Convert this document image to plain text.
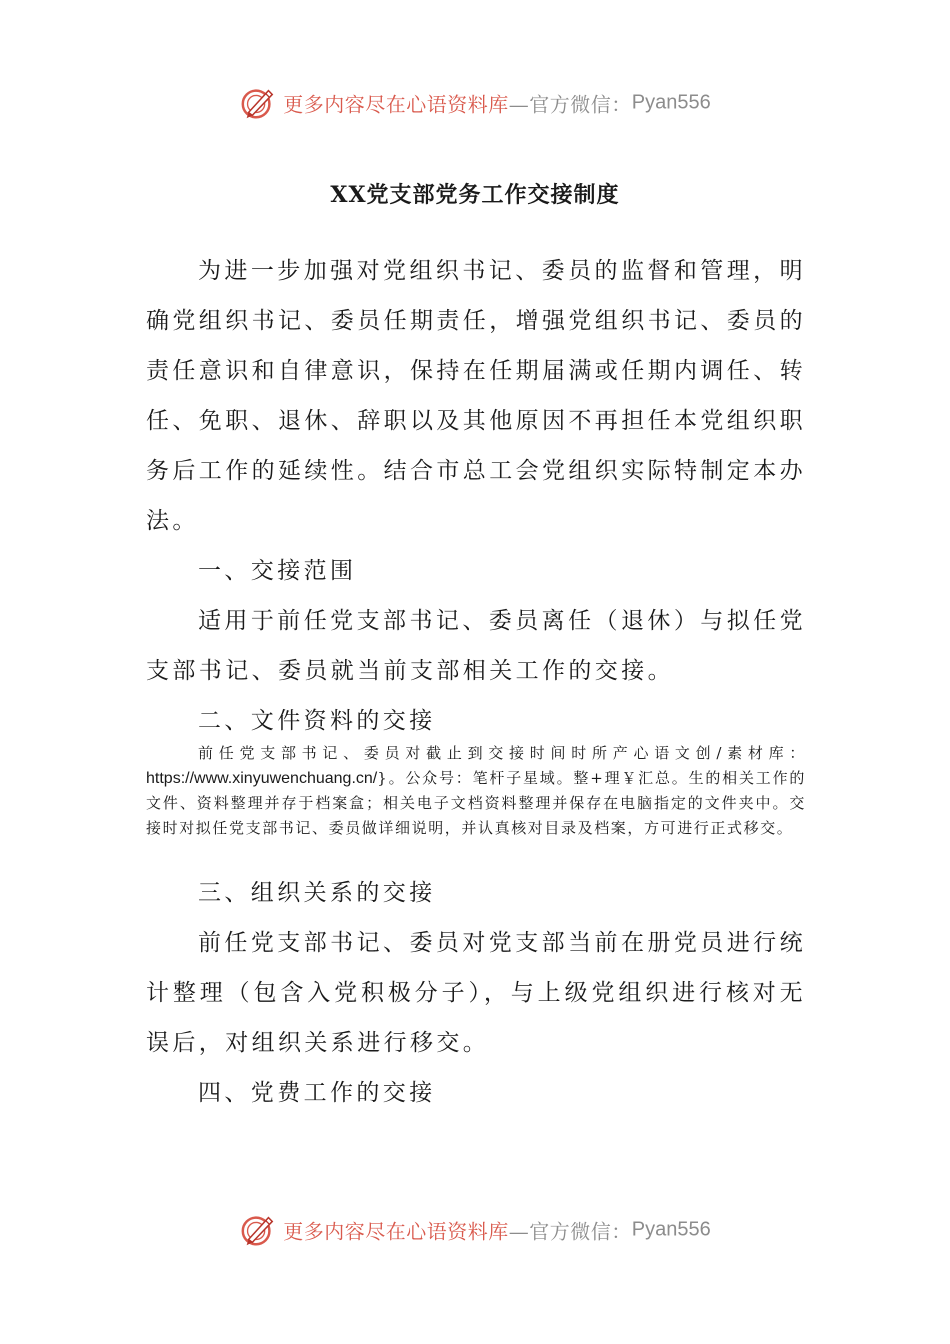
更多内容尽在心语资料库—官方微信：Pyan556
XX党支部党务工作交接制度

为进一步加强对党组织书记、委员的监督和管理，明确党组织书记、委员任期责任，增强党组织书记、委员的责任意识和自律意识，保持在任期届满或任期内调任、转任、免职、退休、辞职以及其他原因不再担任本党组织职务后工作的延续性。结合市总工会党组织实际特制定本办法。

一、交接范围

适用于前任党支部书记、委员离任（退休）与拟任党支部书记、委员就当前支部相关工作的交接。

二、文件资料的交接

前任党支部书记、委员对截止到交接时间时所产心语文创/素材库：https://www.xinyuwenchuang.cn/}。公众号：笔杆子星域。整+理￥汇总。生的相关工作的文件、资料整理并存于档案盒；相关电子文档资料整理并保存在电脑指定的文件夹中。交接时对拟任党支部书记、委员做详细说明，并认真核对目录及档案，方可进行正式移交。

三、组织关系的交接

前任党支部书记、委员对党支部当前在册党员进行统计整理（包含入党积极分子），与上级党组织进行核对无误后，对组织关系进行移交。

四、党费工作的交接

更多内容尽在心语资料库—官方微信：Pyan556
